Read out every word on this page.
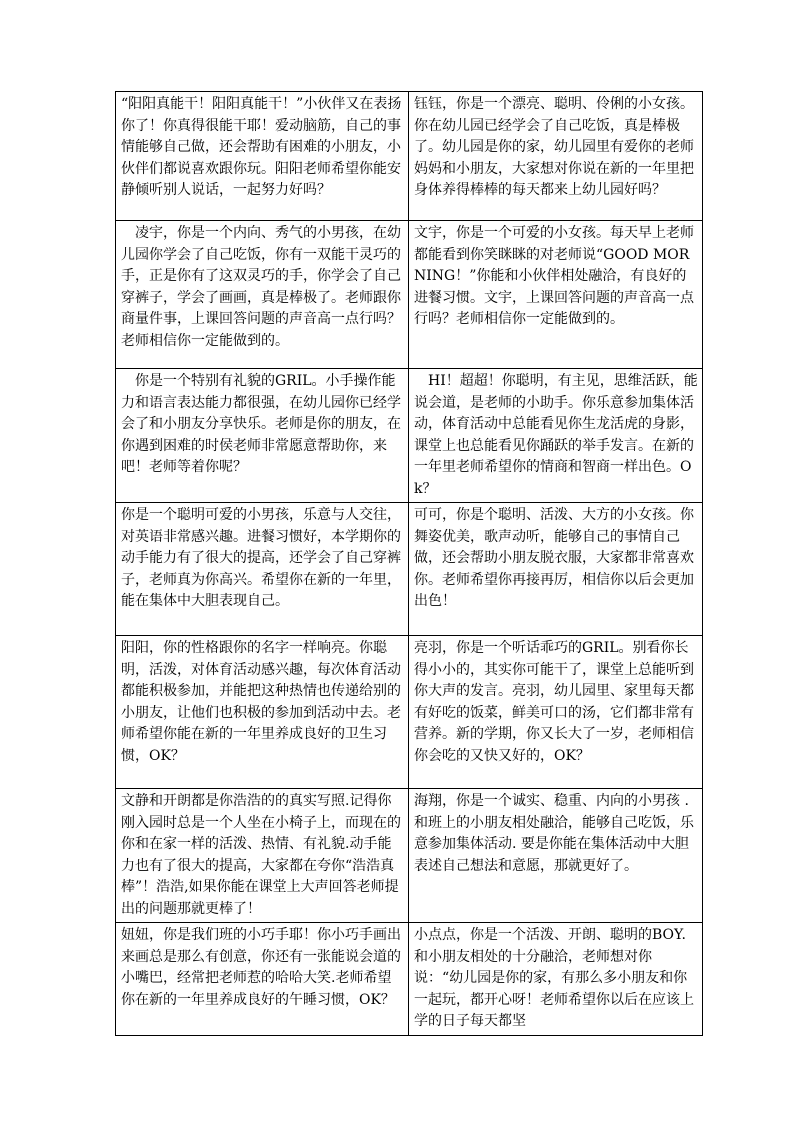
“阳阳真能干！阳阳真能干！”小伙伴又在表扬你了！你真得很能干耶！爱动脑筋，自己的事情能够自己做，还会帮助有困难的小朋友，小伙伴们都说喜欢跟你玩。阳阳老师希望你能安静倾听别人说话，一起努力好吗？	钰钰，你是一个漂亮、聪明、伶俐的小女孩。你在幼儿园已经学会了自己吃饭，真是棒极了。幼儿园是你的家，幼儿园里有爱你的老师妈妈和小朋友，大家想对你说在新的一年里把身体养得棒棒的每天都来上幼儿园好吗？
　凌宇，你是一个内向、秀气的小男孩，在幼儿园你学会了自己吃饭，你有一双能干灵巧的手，正是你有了这双灵巧的手，你学会了自己穿裤子，学会了画画，真是棒极了。老师跟你商量件事，上课回答问题的声音高一点行吗？老师相信你一定能做到的。	文宇，你是一个可爱的小女孩。每天早上老师都能看到你笑眯眯的对老师说“GOOD MORNING！”你能和小伙伴相处融洽，有良好的进餐习惯。文宇，上课回答问题的声音高一点行吗？老师相信你一定能做到的。
　你是一个特别有礼貌的GRIL。小手操作能力和语言表达能力都很强，在幼儿园你已经学会了和小朋友分享快乐。老师是你的朋友，在你遇到困难的时侯老师非常愿意帮助你，来吧！老师等着你呢？	　HI！超超！你聪明，有主见，思维活跃，能说会道，是老师的小助手。你乐意参加集体活动，体育活动中总能看见你生龙活虎的身影，课堂上也总能看见你踊跃的举手发言。在新的一年里老师希望你的情商和智商一样出色。Ok？
你是一个聪明可爱的小男孩，乐意与人交往，对英语非常感兴趣。进餐习惯好，本学期你的动手能力有了很大的提高，还学会了自己穿裤子，老师真为你高兴。希望你在新的一年里，能在集体中大胆表现自己。	可可，你是个聪明、活泼、大方的小女孩。你舞姿优美，歌声动听，能够自己的事情自己做，还会帮助小朋友脱衣服，大家都非常喜欢你。老师希望你再接再厉，相信你以后会更加出色！
阳阳，你的性格跟你的名字一样响亮。你聪明，活泼，对体育活动感兴趣，每次体育活动都能积极参加，并能把这种热情也传递给别的小朋友，让他们也积极的参加到活动中去。老师希望你能在新的一年里养成良好的卫生习惯，OK？	亮羽，你是一个听话乖巧的GRIL。别看你长得小小的，其实你可能干了，课堂上总能听到你大声的发言。亮羽，幼儿园里、家里每天都有好吃的饭菜，鲜美可口的汤，它们都非常有营养。新的学期，你又长大了一岁，老师相信你会吃的又快又好的，OK？
文静和开朗都是你浩浩的的真实写照.记得你刚入园时总是一个人坐在小椅子上，而现在的你和在家一样的活泼、热情、有礼貌.动手能力也有了很大的提高，大家都在夸你“浩浩真棒”！浩浩,如果你能在课堂上大声回答老师提出的问题那就更棒了！	海翔，你是一个诚实、稳重、内向的小男孩 .和班上的小朋友相处融洽，能够自己吃饭，乐意参加集体活动. 要是你能在集体活动中大胆表述自己想法和意愿，那就更好了。
妞妞，你是我们班的小巧手耶！你小巧手画出来画总是那么有创意，你还有一张能说会道的小嘴巴，经常把老师惹的哈哈大笑.老师希望你在新的一年里养成良好的午睡习惯，OK？	小点点，你是一个活泼、开朗、聪明的BOY.和小朋友相处的十分融洽，老师想对你说：“幼儿园是你的家，有那么多小朋友和你一起玩，都开心呀！老师希望你以后在应该上学的日子每天都坚
